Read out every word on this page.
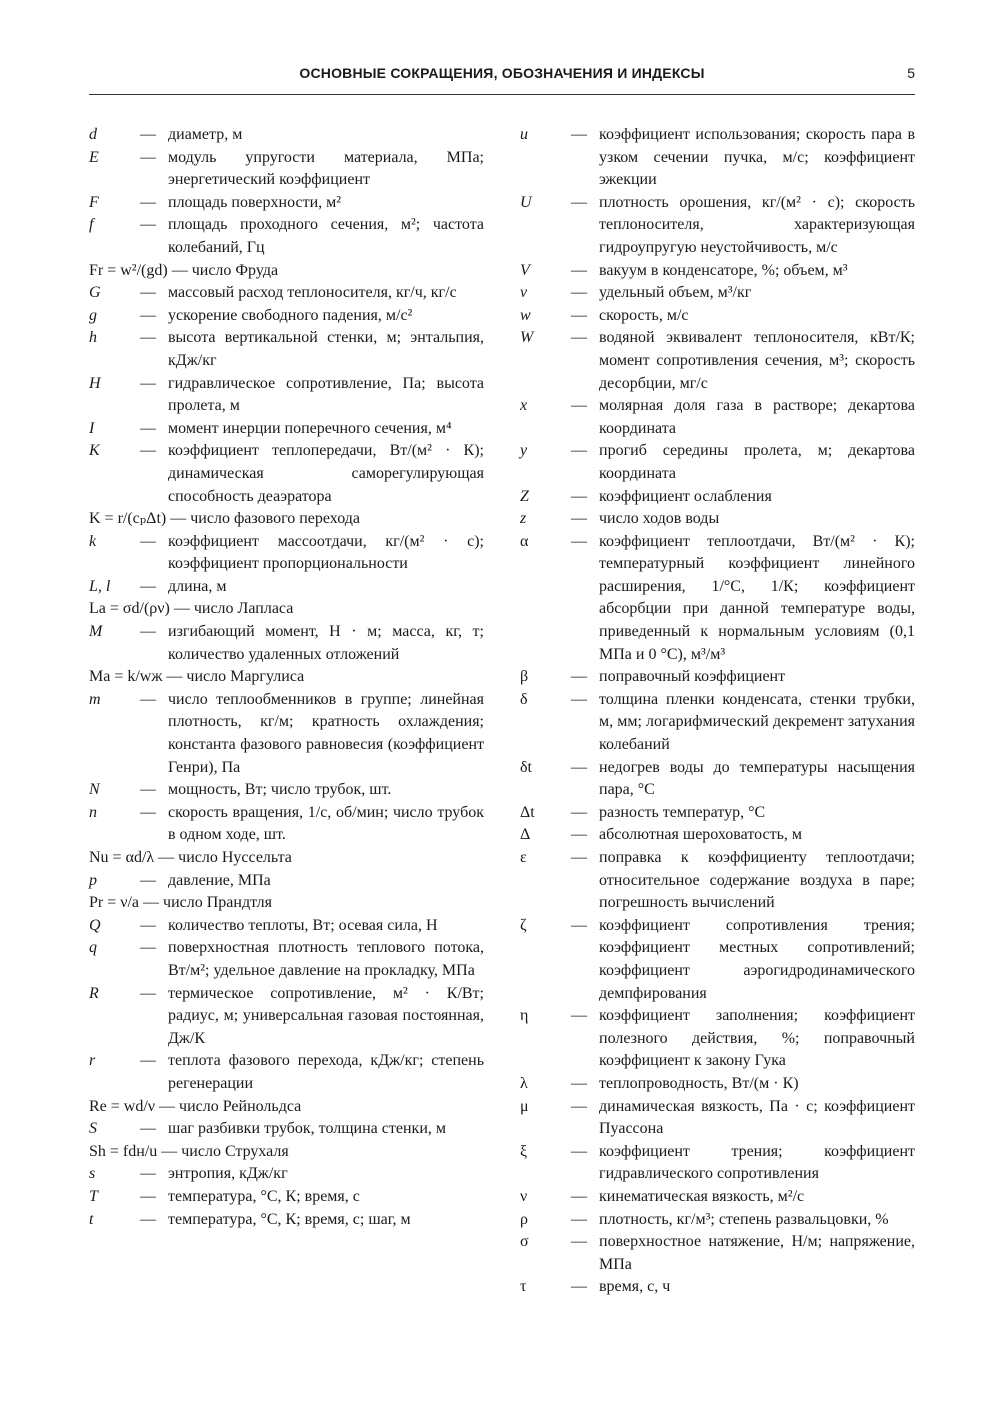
ОСНОВНЫЕ СОКРАЩЕНИЯ, ОБОЗНАЧЕНИЯ И ИНДЕКСЫ	5
d	— диаметр, м
E	— модуль упругости материала, МПа; энергетический коэффициент
F	— площадь поверхности, м²
f	— площадь проходного сечения, м²; частота колебаний, Гц
Fr = w²/(gd) — число Фруда
G — массовый расход теплоносителя, кг/ч, кг/с
g	— ускорение свободного падения, м/с²
h	— высота вертикальной стенки, м; энтальпия, кДж/кг
H — гидравлическое сопротивление, Па; высота пролета, м
I	— момент инерции поперечного сечения, м⁴
K	— коэффициент теплопередачи, Вт/(м² · К); динамическая саморегулирующая способность деаэратора
K = r/(cₚΔt) — число фазового перехода
k	— коэффициент массоотдачи, кг/(м² · с); коэффициент пропорциональности
L, l — длина, м
La = σd/(ρν) — число Лапласа
M — изгибающий момент, Н · м; масса, кг, т; количество удаленных отложений
Ma = k/wж — число Маргулиса
m — число теплообменников в группе; линейная плотность, кг/м; кратность охлаждения; константа фазового равновесия (коэффициент Генри), Па
N	— мощность, Вт; число трубок, шт.
n	— скорость вращения, 1/с, об/мин; число трубок в одном ходе, шт.
Nu = αd/λ — число Нуссельта
p	— давление, МПа
Pr = ν/a — число Прандтля
Q — количество теплоты, Вт; осевая сила, Н
q	— поверхностная плотность теплового потока, Вт/м²; удельное давление на прокладку, МПа
R	— термическое сопротивление, м² · К/Вт; радиус, м; универсальная газовая постоянная, Дж/К
r	— теплота фазового перехода, кДж/кг; степень регенерации
Re = wd/ν — число Рейнольдса
S	— шаг разбивки трубок, толщина стенки, м
Sh = fdн/u — число Струхаля
s	— энтропия, кДж/кг
T	— температура, °С, К; время, с
t	— температура, °С, К; время, с; шаг, м
u	— коэффициент использования; скорость пара в узком сечении пучка, м/с; коэффициент эжекции
U — плотность орошения, кг/(м² · с); скорость теплоносителя, характеризующая гидроупругую неустойчивость, м/с
V	— вакуум в конденсаторе, %; объем, м³
v	— удельный объем, м³/кг
w	— скорость, м/с
W — водяной эквивалент теплоносителя, кВт/К; момент сопротивления сечения, м³; скорость десорбции, мг/с
x	— молярная доля газа в растворе; декартова координата
y	— прогиб середины пролета, м; декартова координата
Z	— коэффициент ослабления
z	— число ходов воды
α	— коэффициент теплоотдачи, Вт/(м² · К); температурный коэффициент линейного расширения, 1/°С, 1/К; коэффициент абсорбции при данной температуре воды, приведенный к нормальным условиям (0,1 МПа и 0 °С), м³/м³
β	— поправочный коэффициент
δ	— толщина пленки конденсата, стенки трубки, м, мм; логарифмический декремент затухания колебаний
δt — недогрев воды до температуры насыщения пара, °С
Δt — разность температур, °С
Δ	— абсолютная шероховатость, м
ε	— поправка к коэффициенту теплоотдачи; относительное содержание воздуха в паре; погрешность вычислений
ζ	— коэффициент сопротивления трения; коэффициент местных сопротивлений; коэффициент аэрогидродинамического демпфирования
η	— коэффициент заполнения; коэффициент полезного действия, %; поправочный коэффициент к закону Гука
λ	— теплопроводность, Вт/(м · К)
μ	— динамическая вязкость, Па · с; коэффициент Пуассона
ξ	— коэффициент трения; коэффициент гидравлического сопротивления
ν	— кинематическая вязкость, м²/с
ρ	— плотность, кг/м³; степень развальцовки, %
σ	— поверхностное натяжение, Н/м; напряжение, МПа
τ	— время, с, ч
